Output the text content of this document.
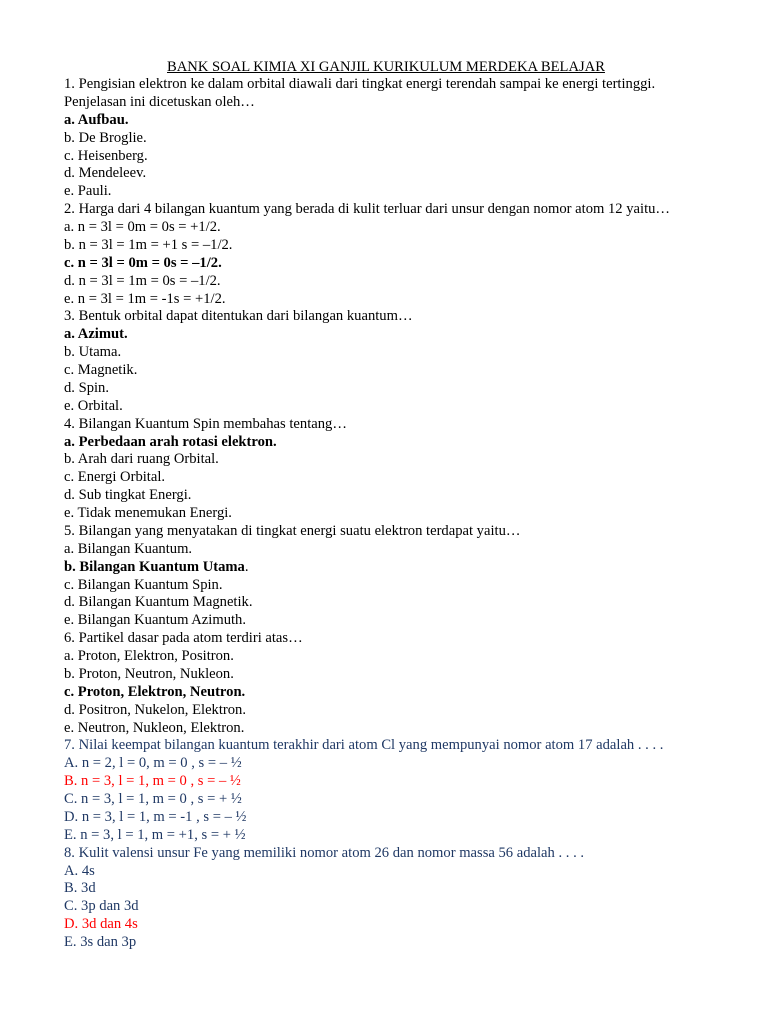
BANK SOAL KIMIA XI GANJIL KURIKULUM MERDEKA BELAJAR
1. Pengisian elektron ke dalam orbital diawali dari tingkat energi terendah sampai ke energi tertinggi.
Penjelasan ini dicetuskan oleh…
a. Aufbau.
b. De Broglie.
c. Heisenberg.
d. Mendeleev.
e. Pauli.
2. Harga dari 4 bilangan kuantum yang berada di kulit terluar dari unsur dengan nomor atom 12 yaitu…
a. n = 3l = 0m = 0s = +1/2.
b. n = 3l = 1m = +1 s = –1/2.
c. n = 3l = 0m = 0s = –1/2.
d. n = 3l = 1m = 0s = –1/2.
e. n = 3l = 1m = -1s = +1/2.
3. Bentuk orbital dapat ditentukan dari bilangan kuantum…
a. Azimut.
b. Utama.
c. Magnetik.
d. Spin.
e. Orbital.
4. Bilangan Kuantum Spin membahas tentang…
a. Perbedaan arah rotasi elektron.
b. Arah dari ruang Orbital.
c. Energi Orbital.
d. Sub tingkat Energi.
e. Tidak menemukan Energi.
5. Bilangan yang menyatakan di tingkat energi suatu elektron terdapat yaitu…
a. Bilangan Kuantum.
b. Bilangan Kuantum Utama.
c. Bilangan Kuantum Spin.
d. Bilangan Kuantum Magnetik.
e. Bilangan Kuantum Azimuth.
6. Partikel dasar pada atom terdiri atas…
a. Proton, Elektron, Positron.
b. Proton, Neutron, Nukleon.
c. Proton, Elektron, Neutron.
d. Positron, Nukelon, Elektron.
e. Neutron, Nukleon, Elektron.
7. Nilai keempat bilangan kuantum terakhir dari atom Cl yang mempunyai nomor atom 17 adalah . . . .
A. n = 2, l = 0, m = 0 , s = – ½
B. n = 3, l = 1, m = 0 , s = – ½
C. n = 3, l = 1, m = 0 , s = + ½
D. n = 3, l = 1, m = -1 , s = – ½
E. n = 3, l = 1, m = +1, s = + ½
8. Kulit valensi unsur Fe yang memiliki nomor atom 26 dan nomor massa 56 adalah . . . .
A. 4s
B. 3d
C. 3p dan 3d
D. 3d dan 4s
E. 3s dan 3p
